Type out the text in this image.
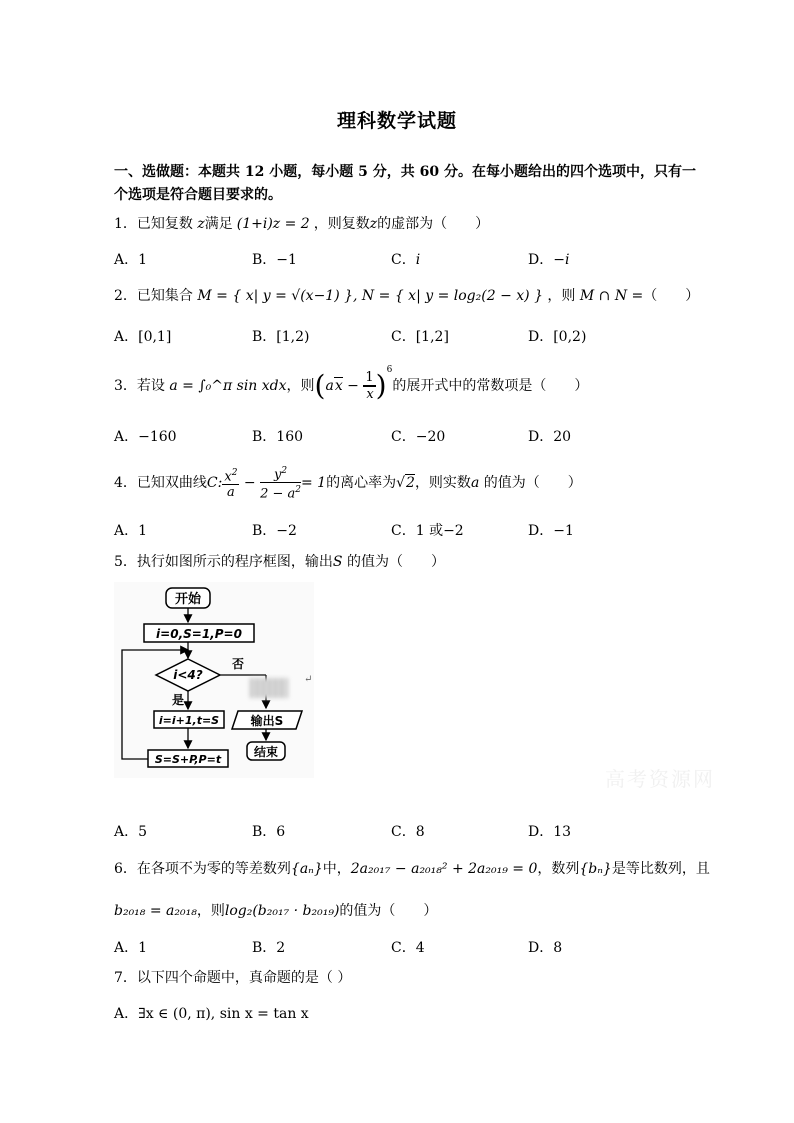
理科数学试题
一、选做题：本题共 12 小题，每小题 5 分，共 60 分。在每小题给出的四个选项中，只有一
个选项是符合题目要求的。
1．已知复数 z满足 (1+i)z = 2 ，则复数z的虚部为（　　）
A．1	B．−1	C．i	D．−i
2．已知集合 M = { x| y = √(x−1) }, N = { x| y = log₂(2 − x) } ，则 M ∩ N =（　　）
A．[0,1]	B．[1,2)	C．[1,2]	D．[0,2)
3．若设 a = ∫₀^π sin xdx，则$(ax - \frac{1}{x} )^6$的展开式中的常数项是（　　）
A．−160	B．160	C．−20	D．20
4．已知双曲线C: $\frac{x^2}{a} - \frac{y^2}{2 - a^2} = 1$的离心率为√2，则实数a 的值为（　　）
A．1	B．−2	C．1 或−2	D．−1
5．执行如图所示的程序框图，输出S 的值为（　　）
开始
i=0,S=1,P=0
i<4?
否
是
i=i+1,t=S
S=S+P,P=t
输出S
结束
↵
高考资源网
A．5	B．6	C．8	D．13
6．在各项不为零的等差数列{aₙ}中，2a₂₀₁₇ − a₂₀₁₈² + 2a₂₀₁₉ = 0，数列{bₙ}是等比数列，且
b₂₀₁₈ = a₂₀₁₈，则log₂(b₂₀₁₇ · b₂₀₁₉)的值为（　　）
A．1	B．2	C．4	D．8
7．以下四个命题中，真命题的是（ ）
A．∃x ∈ (0, π), sin x = tan x
